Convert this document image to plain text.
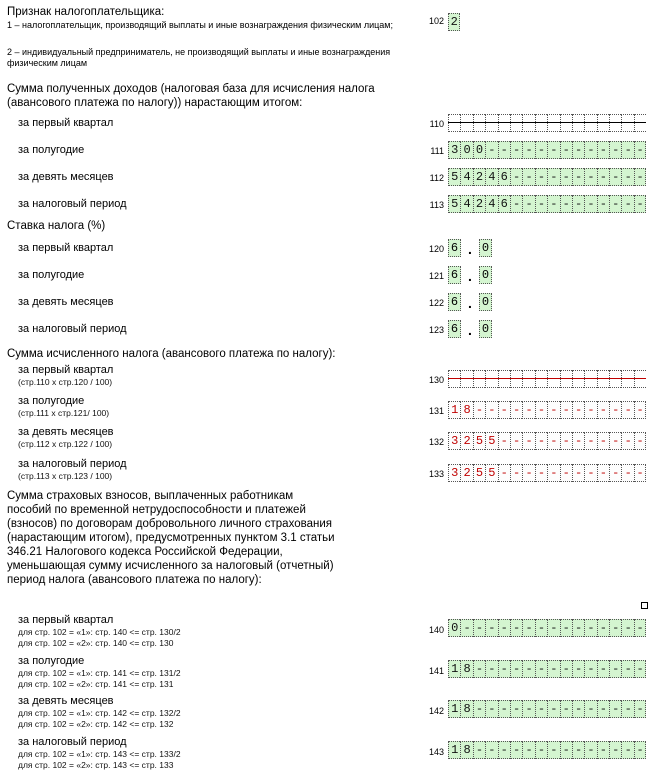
Признак налогоплательщика:
1 – налогоплательщик, производящий выплаты и иные вознаграждения физическим лицам;
2 – индивидуальный предприниматель, не производящий выплаты и иные вознаграждения физическим лицам
102 2
Сумма полученных доходов (налоговая база для исчисления налога (авансового платежа по налогу)) нарастающим итогом:
за первый квартал	110
за полугодие	111 3 0 0 - - - - - - - - - - - - -
за девять месяцев	112 5 4 2 4 6 - - - - - - - - - - -
за налоговый период	113 5 4 2 4 6 - - - - - - - - - - -
Ставка налога (%)
за первый квартал	120 6 . 0
за полугодие	121 6 . 0
за девять месяцев	122 6 . 0
за налоговый период	123 6 . 0
Сумма исчисленного налога (авансового платежа по налогу):
за первый квартал
(стр.110 х стр.120 / 100)	130
за полугодие
(стр.111 х стр.121/ 100)	131 1 8 - - - - - - - - - - - - - -
за девять месяцев
(стр.112 х стр.122 / 100)	132 3 2 5 5 - - - - - - - - - - - -
за налоговый период
(стр.113 х стр.123 / 100)	133 3 2 5 5 - - - - - - - - - - - -
Сумма страховых взносов, выплаченных работникам пособий по временной нетрудоспособности и платежей (взносов) по договорам добровольного личного страхования (нарастающим итогом), предусмотренных пунктом 3.1 статьи 346.21 Налогового кодекса Российской Федерации, уменьшающая сумму исчисленного за налоговый (отчетный) период налога (авансового платежа по налогу):
за первый квартал
для стр. 102 = «1»: стр. 140 <= стр. 130/2
для стр. 102 = «2»: стр. 140 <= стр. 130
140 0 - - - - - - - - - - - - - - -
за полугодие
для стр. 102 = «1»: стр. 141 <= стр. 131/2
для стр. 102 = «2»: стр. 141 <= стр. 131
141 1 8 - - - - - - - - - - - - - -
за девять месяцев
для стр. 102 = «1»: стр. 142 <= стр. 132/2
для стр. 102 = «2»: стр. 142 <= стр. 132
142 1 8 - - - - - - - - - - - - - -
за налоговый период
для стр. 102 = «1»: стр. 143 <= стр. 133/2
для стр. 102 = «2»: стр. 143 <= стр. 133
143 1 8 - - - - - - - - - - - - - -
